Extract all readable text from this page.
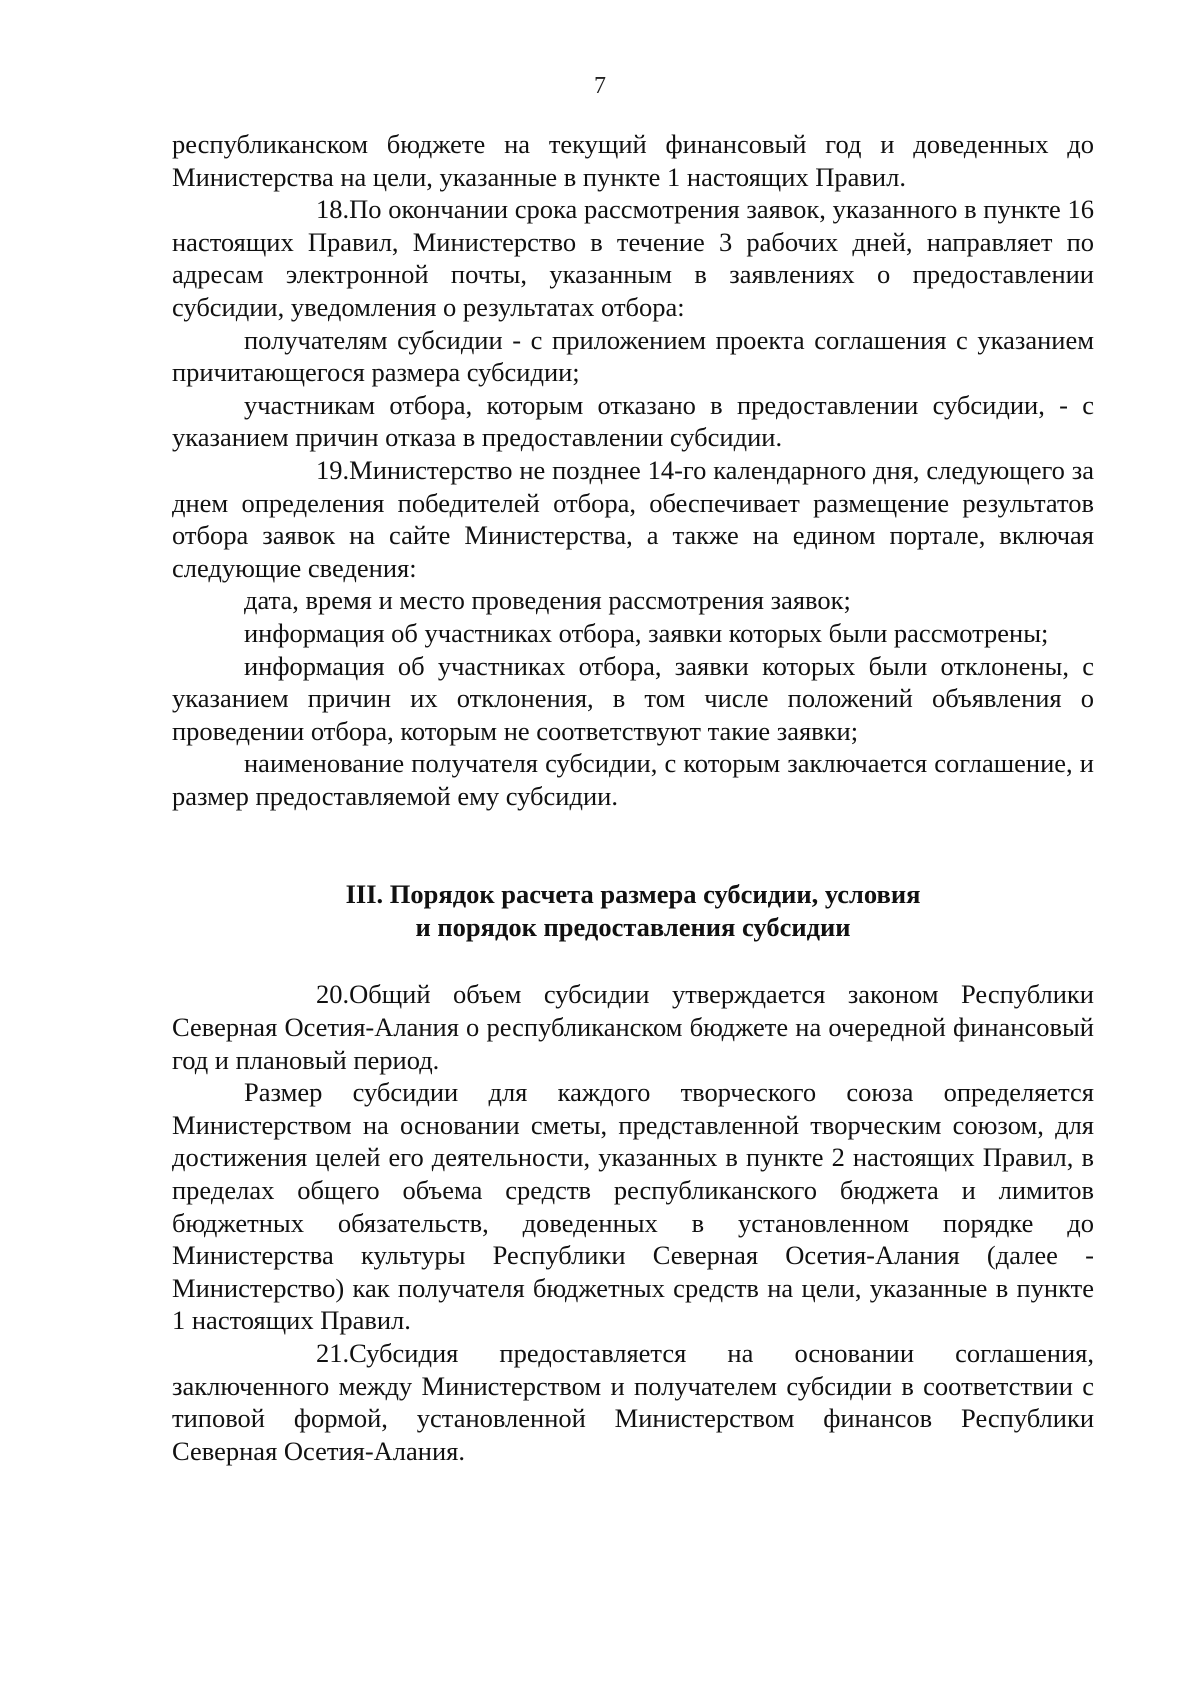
7

республиканском бюджете на текущий финансовый год и доведенных до Министерства на цели, указанные в пункте 1 настоящих Правил.

18.По окончании срока рассмотрения заявок, указанного в пункте 16 настоящих Правил, Министерство в течение 3 рабочих дней, направляет по адресам электронной почты, указанным в заявлениях о предоставлении субсидии, уведомления о результатах отбора:

получателям субсидии - с приложением проекта соглашения с указанием причитающегося размера субсидии;

участникам отбора, которым отказано в предоставлении субсидии, - с указанием причин отказа в предоставлении субсидии.

19.Министерство не позднее 14-го календарного дня, следующего за днем определения победителей отбора, обеспечивает размещение результатов отбора заявок на сайте Министерства, а также на едином портале, включая следующие сведения:

дата, время и место проведения рассмотрения заявок;

информация об участниках отбора, заявки которых были рассмотрены;

информация об участниках отбора, заявки которых были отклонены, с указанием причин их отклонения, в том числе положений объявления о проведении отбора, которым не соответствуют такие заявки;

наименование получателя субсидии, с которым заключается соглашение, и размер предоставляемой ему субсидии.

III. Порядок расчета размера субсидии, условия
и порядок предоставления субсидии

20.Общий объем субсидии утверждается законом Республики Северная Осетия-Алания о республиканском бюджете на очередной финансовый год и плановый период.

Размер субсидии для каждого творческого союза определяется Министерством на основании сметы, представленной творческим союзом, для достижения целей его деятельности, указанных в пункте 2 настоящих Правил, в пределах общего объема средств республиканского бюджета и лимитов бюджетных обязательств, доведенных в установленном порядке до Министерства культуры Республики Северная Осетия-Алания (далее - Министерство) как получателя бюджетных средств на цели, указанные в пункте 1 настоящих Правил.

21.Субсидия предоставляется на основании соглашения, заключенного между Министерством и получателем субсидии в соответствии с типовой формой, установленной Министерством финансов Республики Северная Осетия-Алания.
